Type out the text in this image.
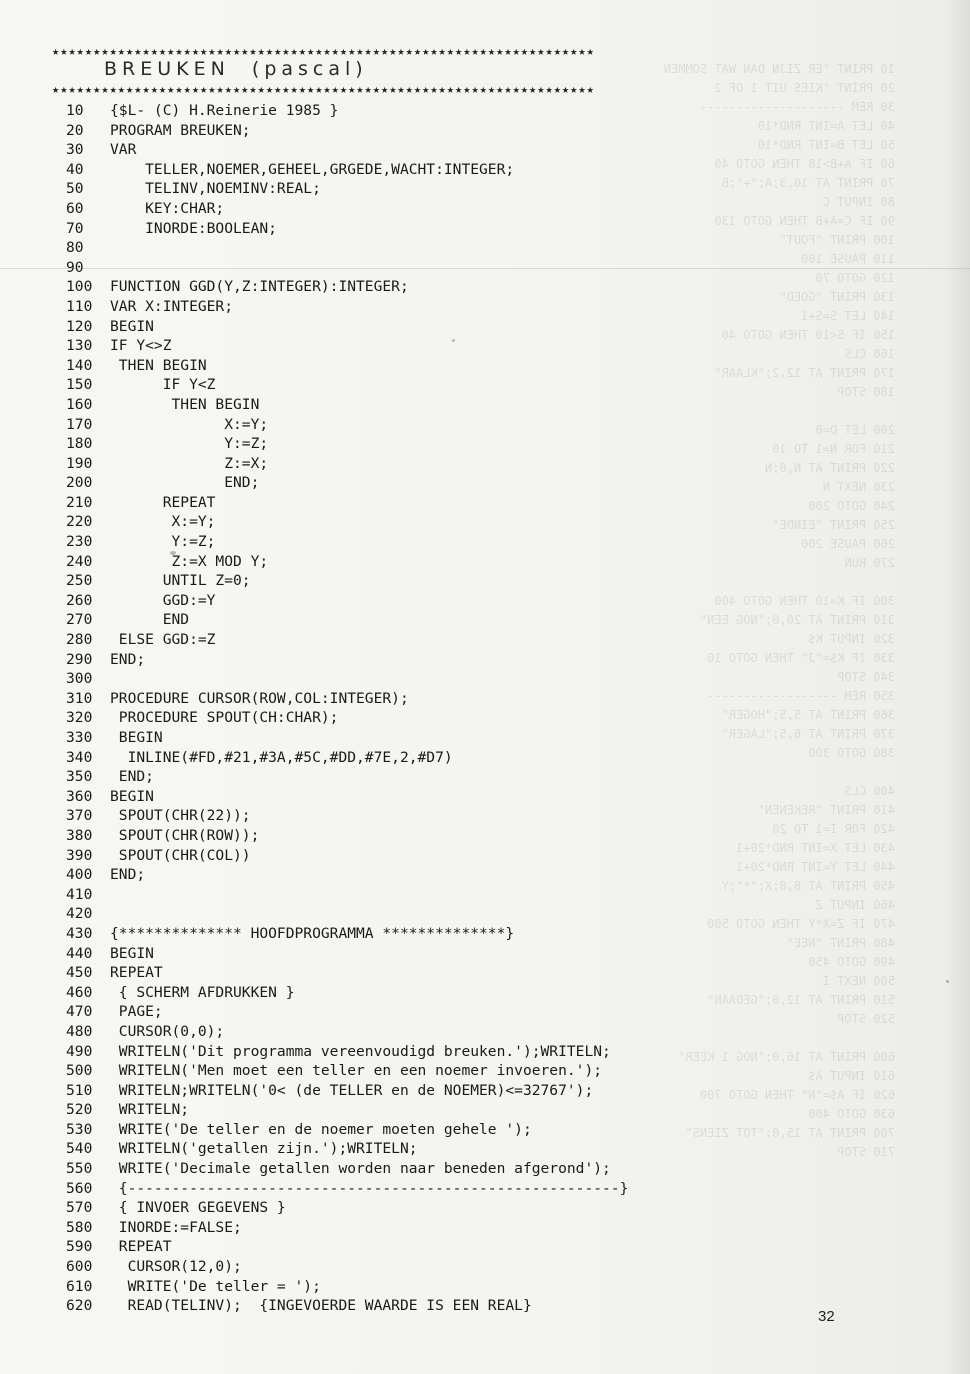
10 PRINT "ER ZIJN DAN WAT SOMMEN
20 PRINT "KIES UIT 1 OF 2
30 REM --------------------
40 LET A=INT RND*10
50 LET B=INT RND*10
60 IF A+B>18 THEN GOTO 40
70 PRINT AT 10,3;A;"+";B
80 INPUT C
90 IF C=A+B THEN GOTO 130
100 PRINT "FOUT"
110 PAUSE 100
120 GOTO 70
130 PRINT "GOED"
140 LET S=S+1
150 IF S<10 THEN GOTO 40
160 CLS
170 PRINT AT 12,2;"KLAAR"
180 STOP

200 LET D=0
210 FOR N=1 TO 10
220 PRINT AT N,0;N
230 NEXT N
240 GOTO 200
250 PRINT "EINDE"
260 PAUSE 200
270 RUN

300 IF K=10 THEN GOTO 400
310 PRINT AT 20,0;"NOG EEN"
320 INPUT K$
330 IF K$="J" THEN GOTO 10
340 STOP
350 REM ------------------
360 PRINT AT 5,5;"HOGER"
370 PRINT AT 6,5;"LAGER"
380 GOTO 300

400 CLS
410 PRINT "REKENEN"
420 FOR I=1 TO 20
430 LET X=INT RND*20+1
440 LET Y=INT RND*20+1
450 PRINT AT 8,8;X;"*";Y
460 INPUT Z
470 IF Z=X*Y THEN GOTO 500
480 PRINT "NEE"
490 GOTO 450
500 NEXT I
510 PRINT AT 12,0;"GEDAAN"
520 STOP

600 PRINT AT 16,0;"NOG 1 KEER"
610 INPUT A$
620 IF A$="N" THEN GOTO 700
630 GOTO 400
700 PRINT AT 15,0;"TOT ZIENS"
710 STOP
★★★★★★★★★★★★★★★★★★★★★★★★★★★★★★★★★★★★★★★★★★★★★★★★★★★★★★★★★★★★★★★★★★
BREUKEN  (pascal)
★★★★★★★★★★★★★★★★★★★★★★★★★★★★★★★★★★★★★★★★★★★★★★★★★★★★★★★★★★★★★★★★★★
10 {$L- (C) H.Reinerie 1985 }
20 PROGRAM BREUKEN;
30 VAR
40    TELLER,NOEMER,GEHEEL,GRGEDE,WACHT:INTEGER;
50    TELINV,NOEMINV:REAL;
60    KEY:CHAR;
70    INORDE:BOOLEAN;
80
90
100 FUNCTION GGD(Y,Z:INTEGER):INTEGER;
110 VAR X:INTEGER;
120 BEGIN
130 IF Y<>Z
140 THEN BEGIN
150      IF Y<Z
160       THEN BEGIN
170             X:=Y;
180             Y:=Z;
190             Z:=X;
200             END;
210      REPEAT
220       X:=Y;
230       Y:=Z;
240       Z:=X MOD Y;
250      UNTIL Z=0;
260      GGD:=Y
270      END
280 ELSE GGD:=Z
290 END;
300
310 PROCEDURE CURSOR(ROW,COL:INTEGER);
320 PROCEDURE SPOUT(CH:CHAR);
330 BEGIN
340  INLINE(#FD,#21,#3A,#5C,#DD,#7E,2,#D7)
350 END;
360 BEGIN
370 SPOUT(CHR(22));
380 SPOUT(CHR(ROW));
390 SPOUT(CHR(COL))
400 END;
410
420
430 {************** HOOFDPROGRAMMA **************}
440 BEGIN
450 REPEAT
460 { SCHERM AFDRUKKEN }
470 PAGE;
480 CURSOR(0,0);
490 WRITELN('Dit programma vereenvoudigd breuken.');WRITELN;
500 WRITELN('Men moet een teller en een noemer invoeren.');
510 WRITELN;WRITELN('0< (de TELLER en de NOEMER)<=32767');
520 WRITELN;
530 WRITE('De teller en de noemer moeten gehele ');
540 WRITELN('getallen zijn.');WRITELN;
550 WRITE('Decimale getallen worden naar beneden afgerond');
560 {--------------------------------------------------------}
570 { INVOER GEGEVENS }
580 INORDE:=FALSE;
590 REPEAT
600  CURSOR(12,0);
610  WRITE('De teller = ');
620  READ(TELINV);  {INGEVOERDE WAARDE IS EEN REAL}
32
